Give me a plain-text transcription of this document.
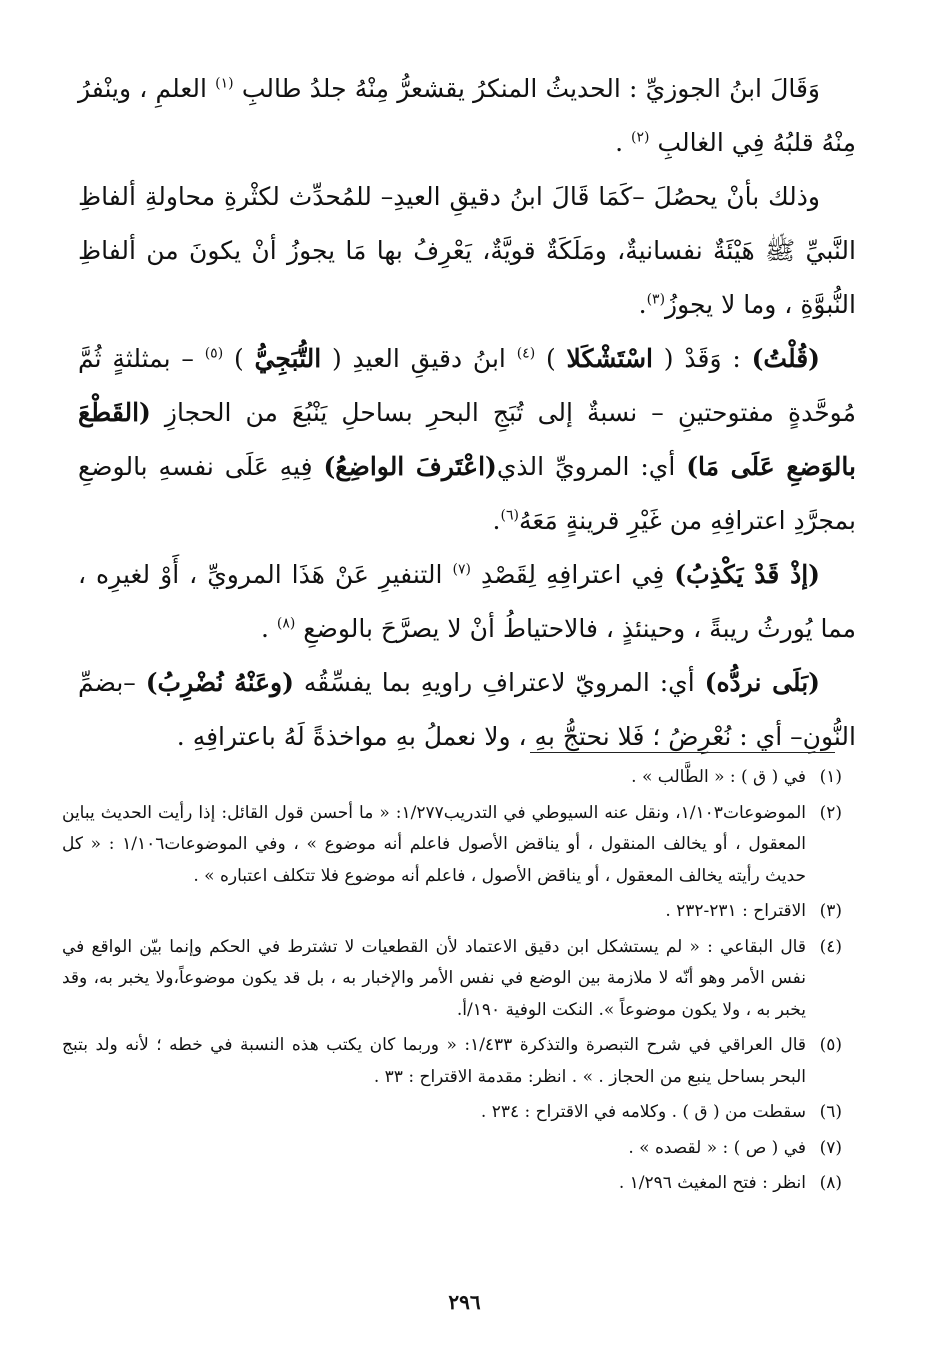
وَقَالَ ابنُ الجوزيِّ : الحديثُ المنكرُ يقشعرُّ مِنْهُ جلدُ طالبِ $^{(١)}$ العلمِ ، وينْفرُ مِنْهُ قلبُهُ فِي الغالبِ $^{(٢)}$ .

وذلك بأنْ يحصُلَ –كَمَا قَالَ ابنُ دقيقِ العيدِ– للمُحدِّث لكثْرةِ محاولةِ ألفاظِ النَّبيِّ ﷺ هَيْئَةٌ نفسانيةٌ، ومَلَكَةٌ قويَّةٌ، يَعْرِفُ بها مَا يجوزُ أنْ يكونَ من ألفاظِ النُّبوَّةِ ، وما لا يجوزُ$^{(٣)}$.

(قُلْتُ) : وَقَدْ ( اسْتَشْكَلا ) $^{(٤)}$ ابنُ دقيقِ العيدِ ( التُّبَجِيُّ ) $^{(٥)}$ – بمثلثةٍ ثُمَّ مُوحَّدةٍ مفتوحتينِ – نسبةٌ إلى تُبَجِ البحرِ بساحلِ يَنْبُعَ من الحجازِ (القَطْعَ بالوَضعِ عَلَى مَا) أي: المرويِّ الذي(اعْتَرفَ الواضِعُ) فِيهِ عَلَى نفسهِ بالوضعِ بمجرَّدِ اعترافِهِ من غَيْرِ قرينةٍ مَعَهُ$^{(٦)}$.

(إذْ قَدْ يَكْذِبُ) فِي اعترافِهِ لِقَصْدِ $^{(٧)}$ التنفيرِ عَنْ هَذَا المرويِّ ، أَوْ لغيرِه ، مما يُورثُ ريبةً ، وحينئذٍ ، فالاحتياطُ أنْ لا يصرَّحَ بالوضعِ $^{(٨)}$ .

(بَلَى نردُّه) أي: المرويّ لاعترافِ راويهِ بما يفسِّقُه (وعَنْهُ نُضْرِبُ) –بضمِّ النُّونِ– أي : نُعْرِضُ ؛ فَلا نحتجُّ بهِ ، ولا نعملُ بهِ مواخذةً لَهُ باعترافِهِ .

(١)في ( ق ) : « الطَّالب » .

(٢)الموضوعات١/١٠٣، ونقل عنه السيوطي في التدريب١/٢٧٧: « ما أحسن قول القائل: إذا رأيت الحديث يباين المعقول ، أو يخالف المنقول ، أو يناقض الأصول فاعلم أنه موضوع » ، وفي الموضوعات١/١٠٦ : « كل حديث رأيته يخالف المعقول ، أو يناقض الأصول ، فاعلم أنه موضوع فلا تتكلف اعتباره » .

(٣)الاقتراح : ٢٣١-٢٣٢ .

(٤)قال البقاعي : « لم يستشكل ابن دقيق الاعتماد لأن القطعيات لا تشترط في الحكم وإنما بيّن الواقع في نفس الأمر وهو أنّه لا ملازمة بين الوضع في نفس الأمر والإخبار به ، بل قد يكون موضوعاً،ولا يخبر به، وقد يخبر به ، ولا يكون موضوعاً ». النكت الوفية ١٩٠/أ.

(٥)قال العراقي في شرح التبصرة والتذكرة ١/٤٣٣: « وربما كان يكتب هذه النسبة في خطه ؛ لأنه ولد بتبج البحر بساحل ينبع من الحجاز . » . انظر: مقدمة الاقتراح : ٣٣ .

(٦)سقطت من ( ق ) . وكلامه في الاقتراح : ٢٣٤ .

(٧)في ( ص ) : « لقصده » .

(٨)انظر : فتح المغيث ١/٢٩٦ .

٢٩٦
